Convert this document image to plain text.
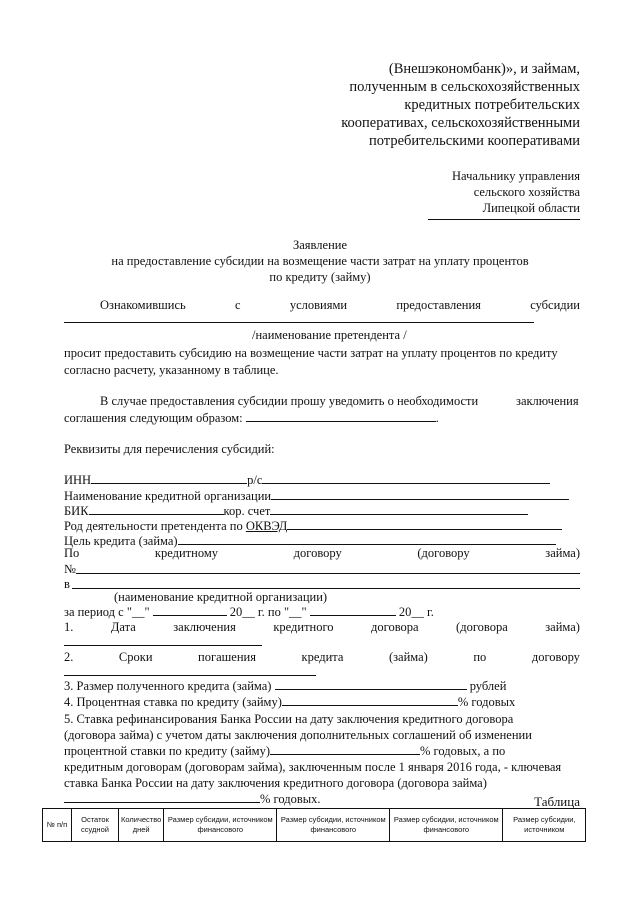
(Внешэкономбанк)», и займам,
полученным в сельскохозяйственных
кредитных потребительских
кооперативах, сельскохозяйственными
потребительскими кооперативами
Начальнику управления
сельского хозяйства
Липецкой области
Заявление
на предоставление субсидии на возмещение части затрат на уплату процентов
по кредиту (займу)
Ознакомившись	с	условиями	предоставления	субсидии
/наименование претендента /
просит предоставить субсидию на возмещение части затрат на уплату процентов по кредиту
согласно расчету, указанному в таблице.
В случае предоставления субсидии прошу уведомить о необходимости	заключения
соглашения следующим образом:	.
Реквизиты для перечисления субсидий:
ИНН	р/с
Наименование кредитной организации
БИК	кор. счет
Род деятельности претендента по ОКВЭД
Цель кредита (займа)
По	кредитному	договору	(договору	займа)
№
в
(наименование кредитной организации)
за период с "__"	20__ г. по "__"	20__ г.
1.	Дата	заключения	кредитного	договора	(договора	займа)
2.	Сроки	погашения	кредита	(займа)	по	договору
3. Размер полученного кредита (займа)	рублей
4. Процентная ставка по кредиту (займу)	% годовых
5. Ставка рефинансирования Банка России на дату заключения кредитного договора
(договора займа) с учетом даты заключения дополнительных соглашений об изменении
процентной ставки по кредиту (займу)	% годовых, а по
кредитным договорам (договорам займа), заключенным после 1 января 2016 года, - ключевая
ставка Банка России на дату заключения кредитного договора (договора займа)
% годовых.	Таблица
№ п/п	Остаток ссудной	Количество дней	Размер субсидии, источником финансового	Размер субсидии, источником финансового	Размер субсидии, источником финансового	Размер субсидии, источником
